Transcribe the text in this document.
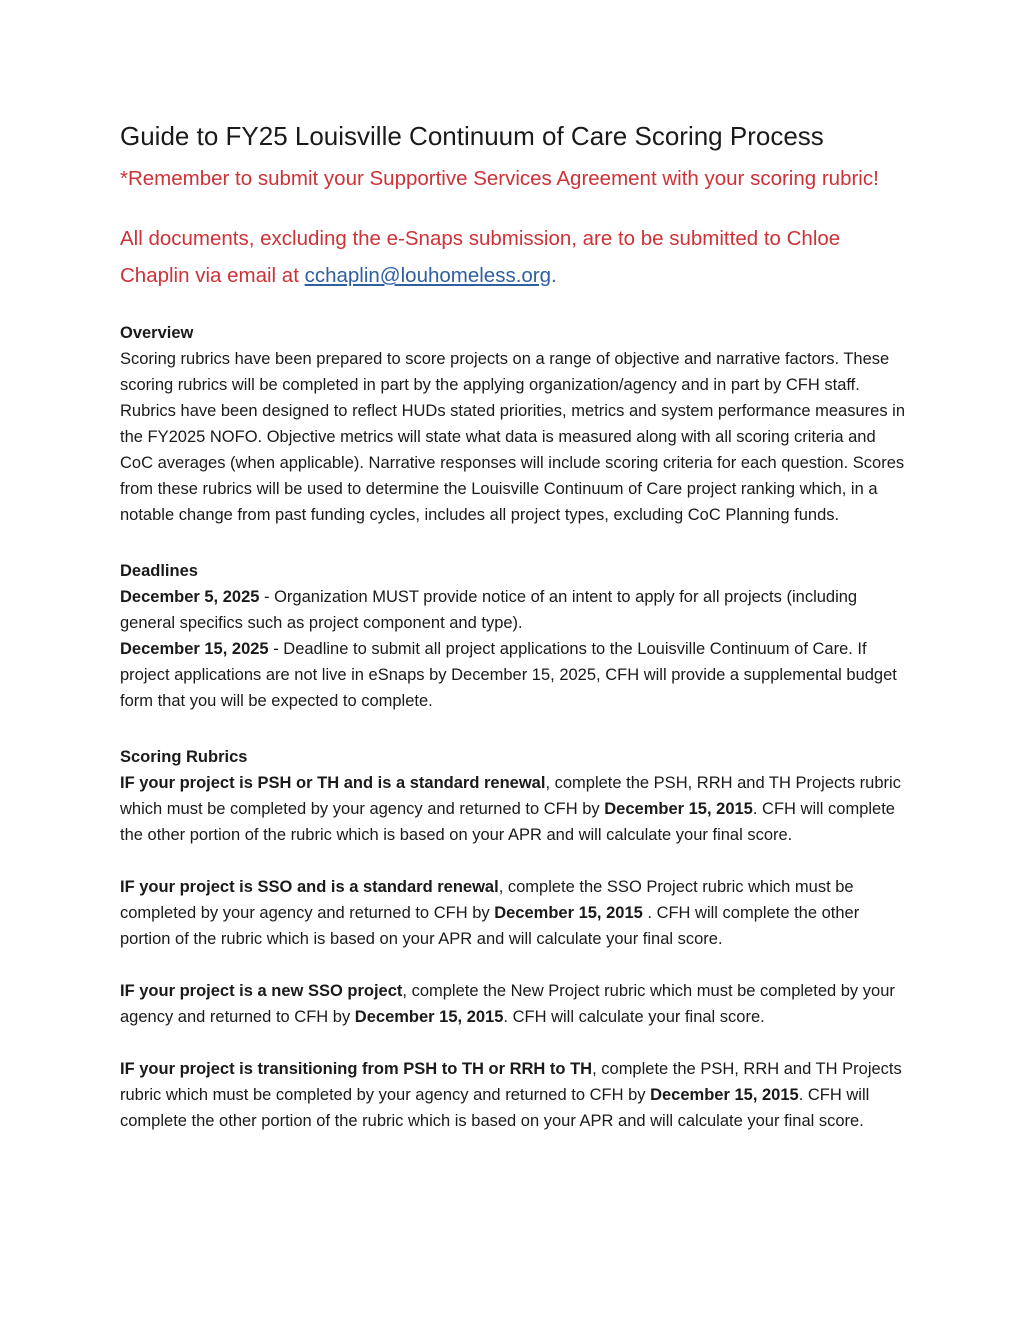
Guide to FY25 Louisville Continuum of Care Scoring Process

*Remember to submit your Supportive Services Agreement with your scoring rubric!

All documents, excluding the e-Snaps submission, are to be submitted to Chloe Chaplin via email at cchaplin@louhomeless.org.

Overview

Scoring rubrics have been prepared to score projects on a range of objective and narrative factors. These scoring rubrics will be completed in part by the applying organization/agency and in part by CFH staff. Rubrics have been designed to reflect HUDs stated priorities, metrics and system performance measures in the FY2025 NOFO. Objective metrics will state what data is measured along with all scoring criteria and CoC averages (when applicable). Narrative responses will include scoring criteria for each question. Scores from these rubrics will be used to determine the Louisville Continuum of Care project ranking which, in a notable change from past funding cycles, includes all project types, excluding CoC Planning funds.

Deadlines

December 5, 2025 - Organization MUST provide notice of an intent to apply for all projects (including general specifics such as project component and type).

December 15, 2025 - Deadline to submit all project applications to the Louisville Continuum of Care. If project applications are not live in eSnaps by December 15, 2025, CFH will provide a supplemental budget form that you will be expected to complete.

Scoring Rubrics

IF your project is PSH or TH and is a standard renewal, complete the PSH, RRH and TH Projects rubric which must be completed by your agency and returned to CFH by December 15, 2015. CFH will complete the other portion of the rubric which is based on your APR and will calculate your final score.

IF your project is SSO and is a standard renewal, complete the SSO Project rubric which must be completed by your agency and returned to CFH by December 15, 2015 . CFH will complete the other portion of the rubric which is based on your APR and will calculate your final score.

IF your project is a new SSO project, complete the New Project rubric which must be completed by your agency and returned to CFH by December 15, 2015. CFH will calculate your final score.

IF your project is transitioning from PSH to TH or RRH to TH, complete the PSH, RRH and TH Projects rubric which must be completed by your agency and returned to CFH by December 15, 2015. CFH will complete the other portion of the rubric which is based on your APR and will calculate your final score.
